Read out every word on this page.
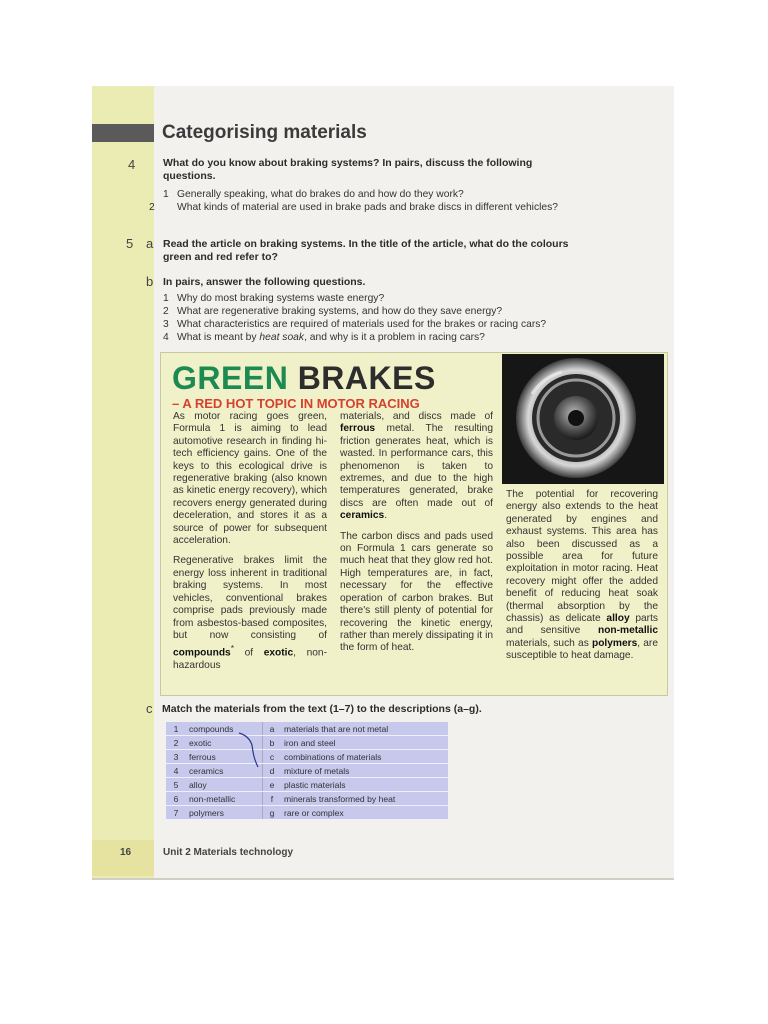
Categorising materials
4	What do you know about braking systems? In pairs, discuss the following questions.
1 Generally speaking, what do brakes do and how do they work?
2 What kinds of material are used in brake pads and brake discs in different vehicles?
5 a Read the article on braking systems. In the title of the article, what do the colours green and red refer to?
b In pairs, answer the following questions.
1 Why do most braking systems waste energy?
2 What are regenerative braking systems, and how do they save energy?
3 What characteristics are required of materials used for the brakes or racing cars?
4 What is meant by heat soak, and why is it a problem in racing cars?
GREEN BRAKES
– A RED HOT TOPIC IN MOTOR RACING

As motor racing goes green, Formula 1 is aiming to lead automotive research in finding hi-tech efficiency gains. One of the keys to this ecological drive is regenerative braking (also known as kinetic energy recovery), which recovers energy generated during deceleration, and stores it as a source of power for subsequent acceleration.

Regenerative brakes limit the energy loss inherent in traditional braking systems. In most vehicles, conventional brakes comprise pads previously made from asbestos-based composites, but now consisting of compounds* of exotic, non-hazardous

materials, and discs made of ferrous metal. The resulting friction generates heat, which is wasted. In performance cars, this phenomenon is taken to extremes, and due to the high temperatures generated, brake discs are often made out of ceramics.

The carbon discs and pads used on Formula 1 cars generate so much heat that they glow red hot. High temperatures are, in fact, necessary for the effective operation of carbon brakes. But there's still plenty of potential for recovering the kinetic energy, rather than merely dissipating it in the form of heat.

The potential for recovering energy also extends to the heat generated by engines and exhaust systems. This area has also been discussed as a possible area for future exploitation in motor racing. Heat recovery might offer the added benefit of reducing heat soak (thermal absorption by the chassis) as delicate alloy parts and sensitive non-metallic materials, such as polymers, are susceptible to heat damage.

c Match the materials from the text (1–7) to the descriptions (a–g).
1	compounds	a	materials that are not metal
2	exotic	b	iron and steel
3	ferrous	c	combinations of materials
4	ceramics	d	mixture of metals
5	alloy	e	plastic materials
6	non-metallic	f	minerals transformed by heat
7	polymers	g	rare or complex
16	Unit 2 Materials technology
